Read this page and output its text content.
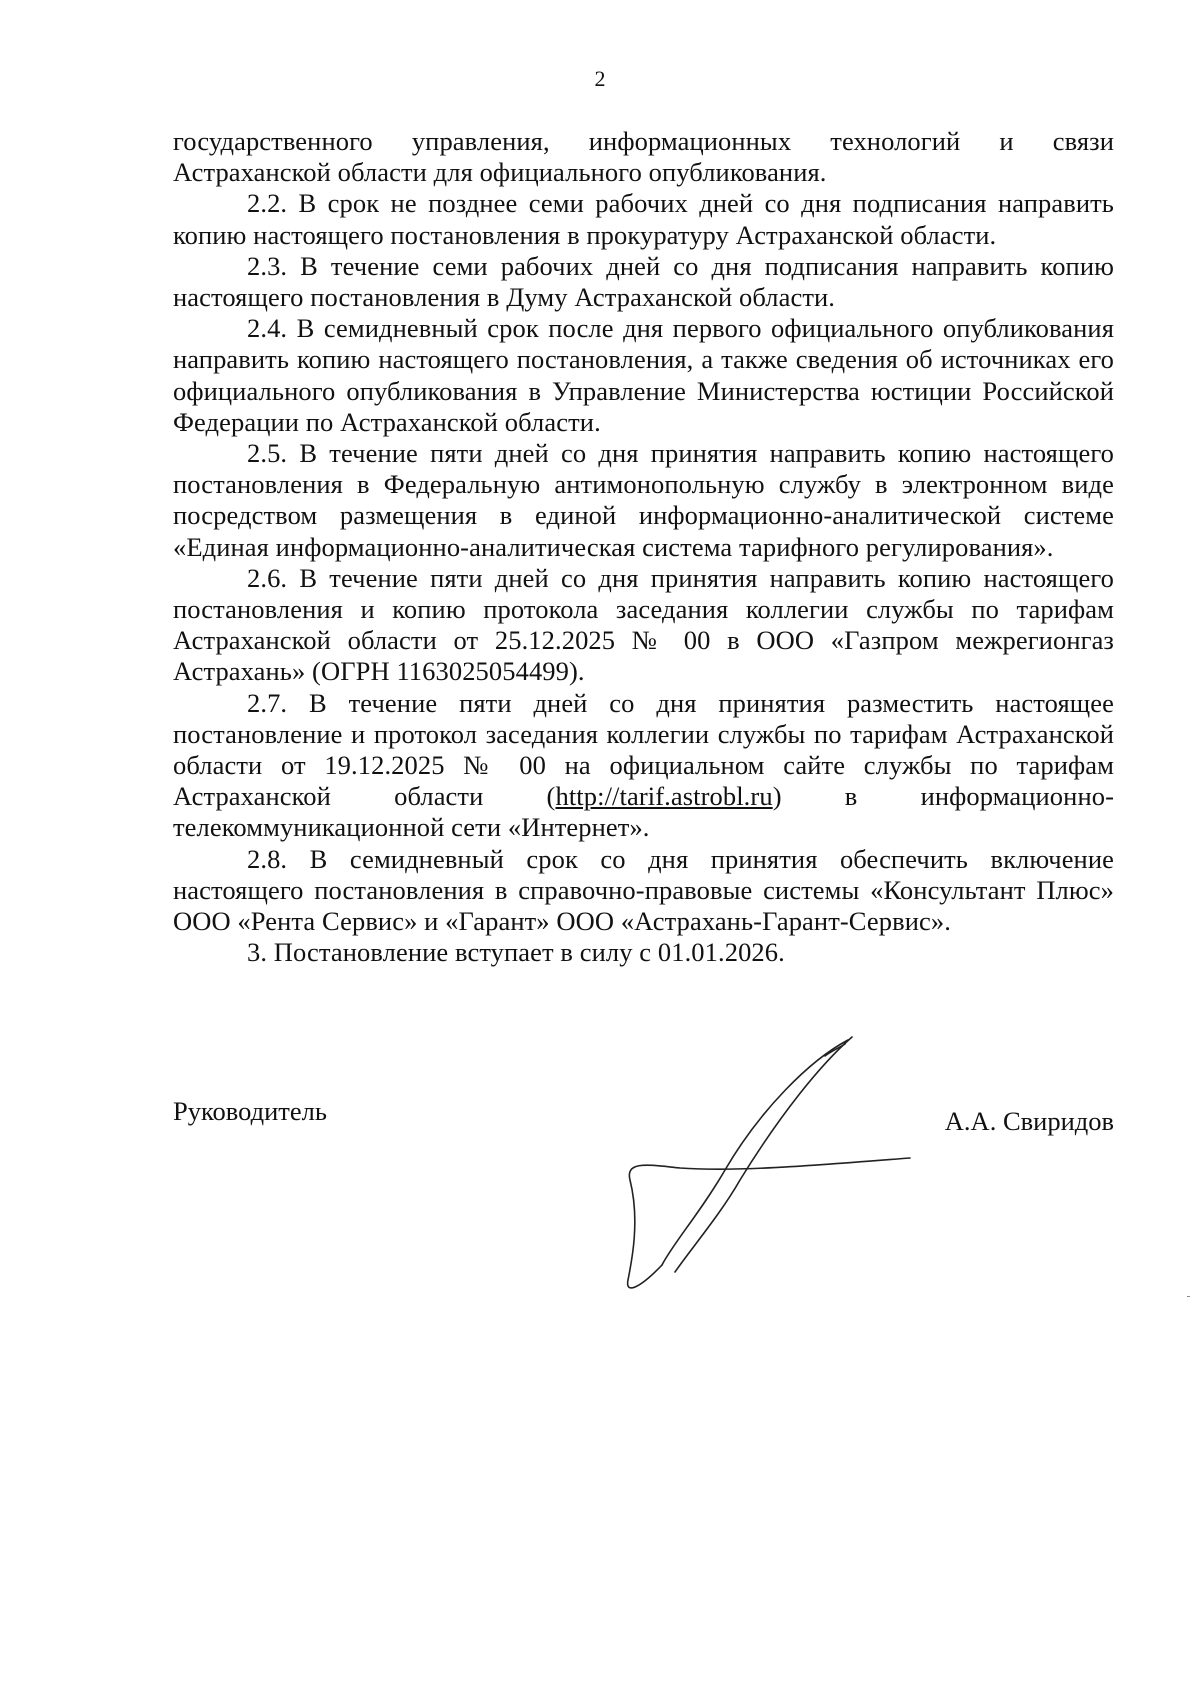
2

государственного управления, информационных технологий и связи Астраханской области для официального опубликования.

2.2. В срок не позднее семи рабочих дней со дня подписания направить копию настоящего постановления в прокуратуру Астраханской области.

2.3. В течение семи рабочих дней со дня подписания направить копию настоящего постановления в Думу Астраханской области.

2.4. В семидневный срок после дня первого официального опубликования направить копию настоящего постановления, а также сведения об источниках его официального опубликования в Управление Министерства юстиции Российской Федерации по Астраханской области.

2.5. В течение пяти дней со дня принятия направить копию настоящего постановления в Федеральную антимонопольную службу в электронном виде посредством размещения в единой информационно-аналитической системе «Единая информационно-аналитическая система тарифного регулирования».

2.6. В течение пяти дней со дня принятия направить копию настоящего постановления и копию протокола заседания коллегии службы по тарифам Астраханской области от 25.12.2025 № 00 в ООО «Газпром межрегионгаз Астрахань» (ОГРН 1163025054499).

2.7. В течение пяти дней со дня принятия разместить настоящее постановление и протокол заседания коллегии службы по тарифам Астраханской области от 19.12.2025 № 00 на официальном сайте службы по тарифам Астраханской области (http://tarif.astrobl.ru) в информационно-телекоммуникационной сети «Интернет».

2.8. В семидневный срок со дня принятия обеспечить включение настоящего постановления в справочно-правовые системы «Консультант Плюс» ООО «Рента Сервис» и «Гарант» ООО «Астрахань-Гарант-Сервис».

3. Постановление вступает в силу с 01.01.2026.

Руководитель	А.А. Свиридов
